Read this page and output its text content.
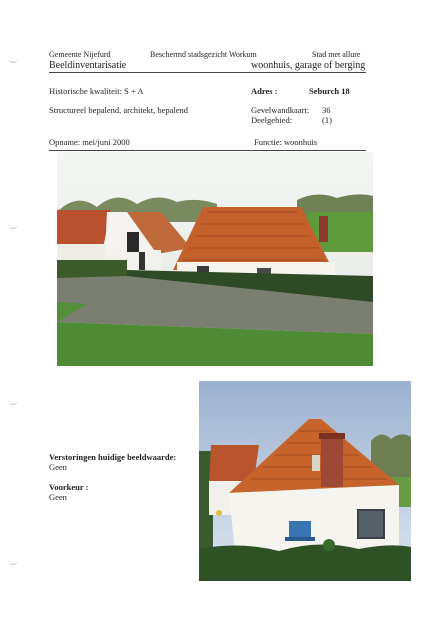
Gemeente Nijefurd	Beschermd stadsgezicht Workum	Stad met allure
Beeldinventarisatie	woonhuis, garage of berging
Historische kwaliteit: S + A	Adres :	Seburch 18
Structureel bepalend, architekt, bepalend	Gevelwandkaart: 36
Deelgebied:	(1)
Opname: mei/juni 2000	Functie: woonhuis
Verstoringen huidige beeldwaarde:
Geen
Voorkeur :
Geen
